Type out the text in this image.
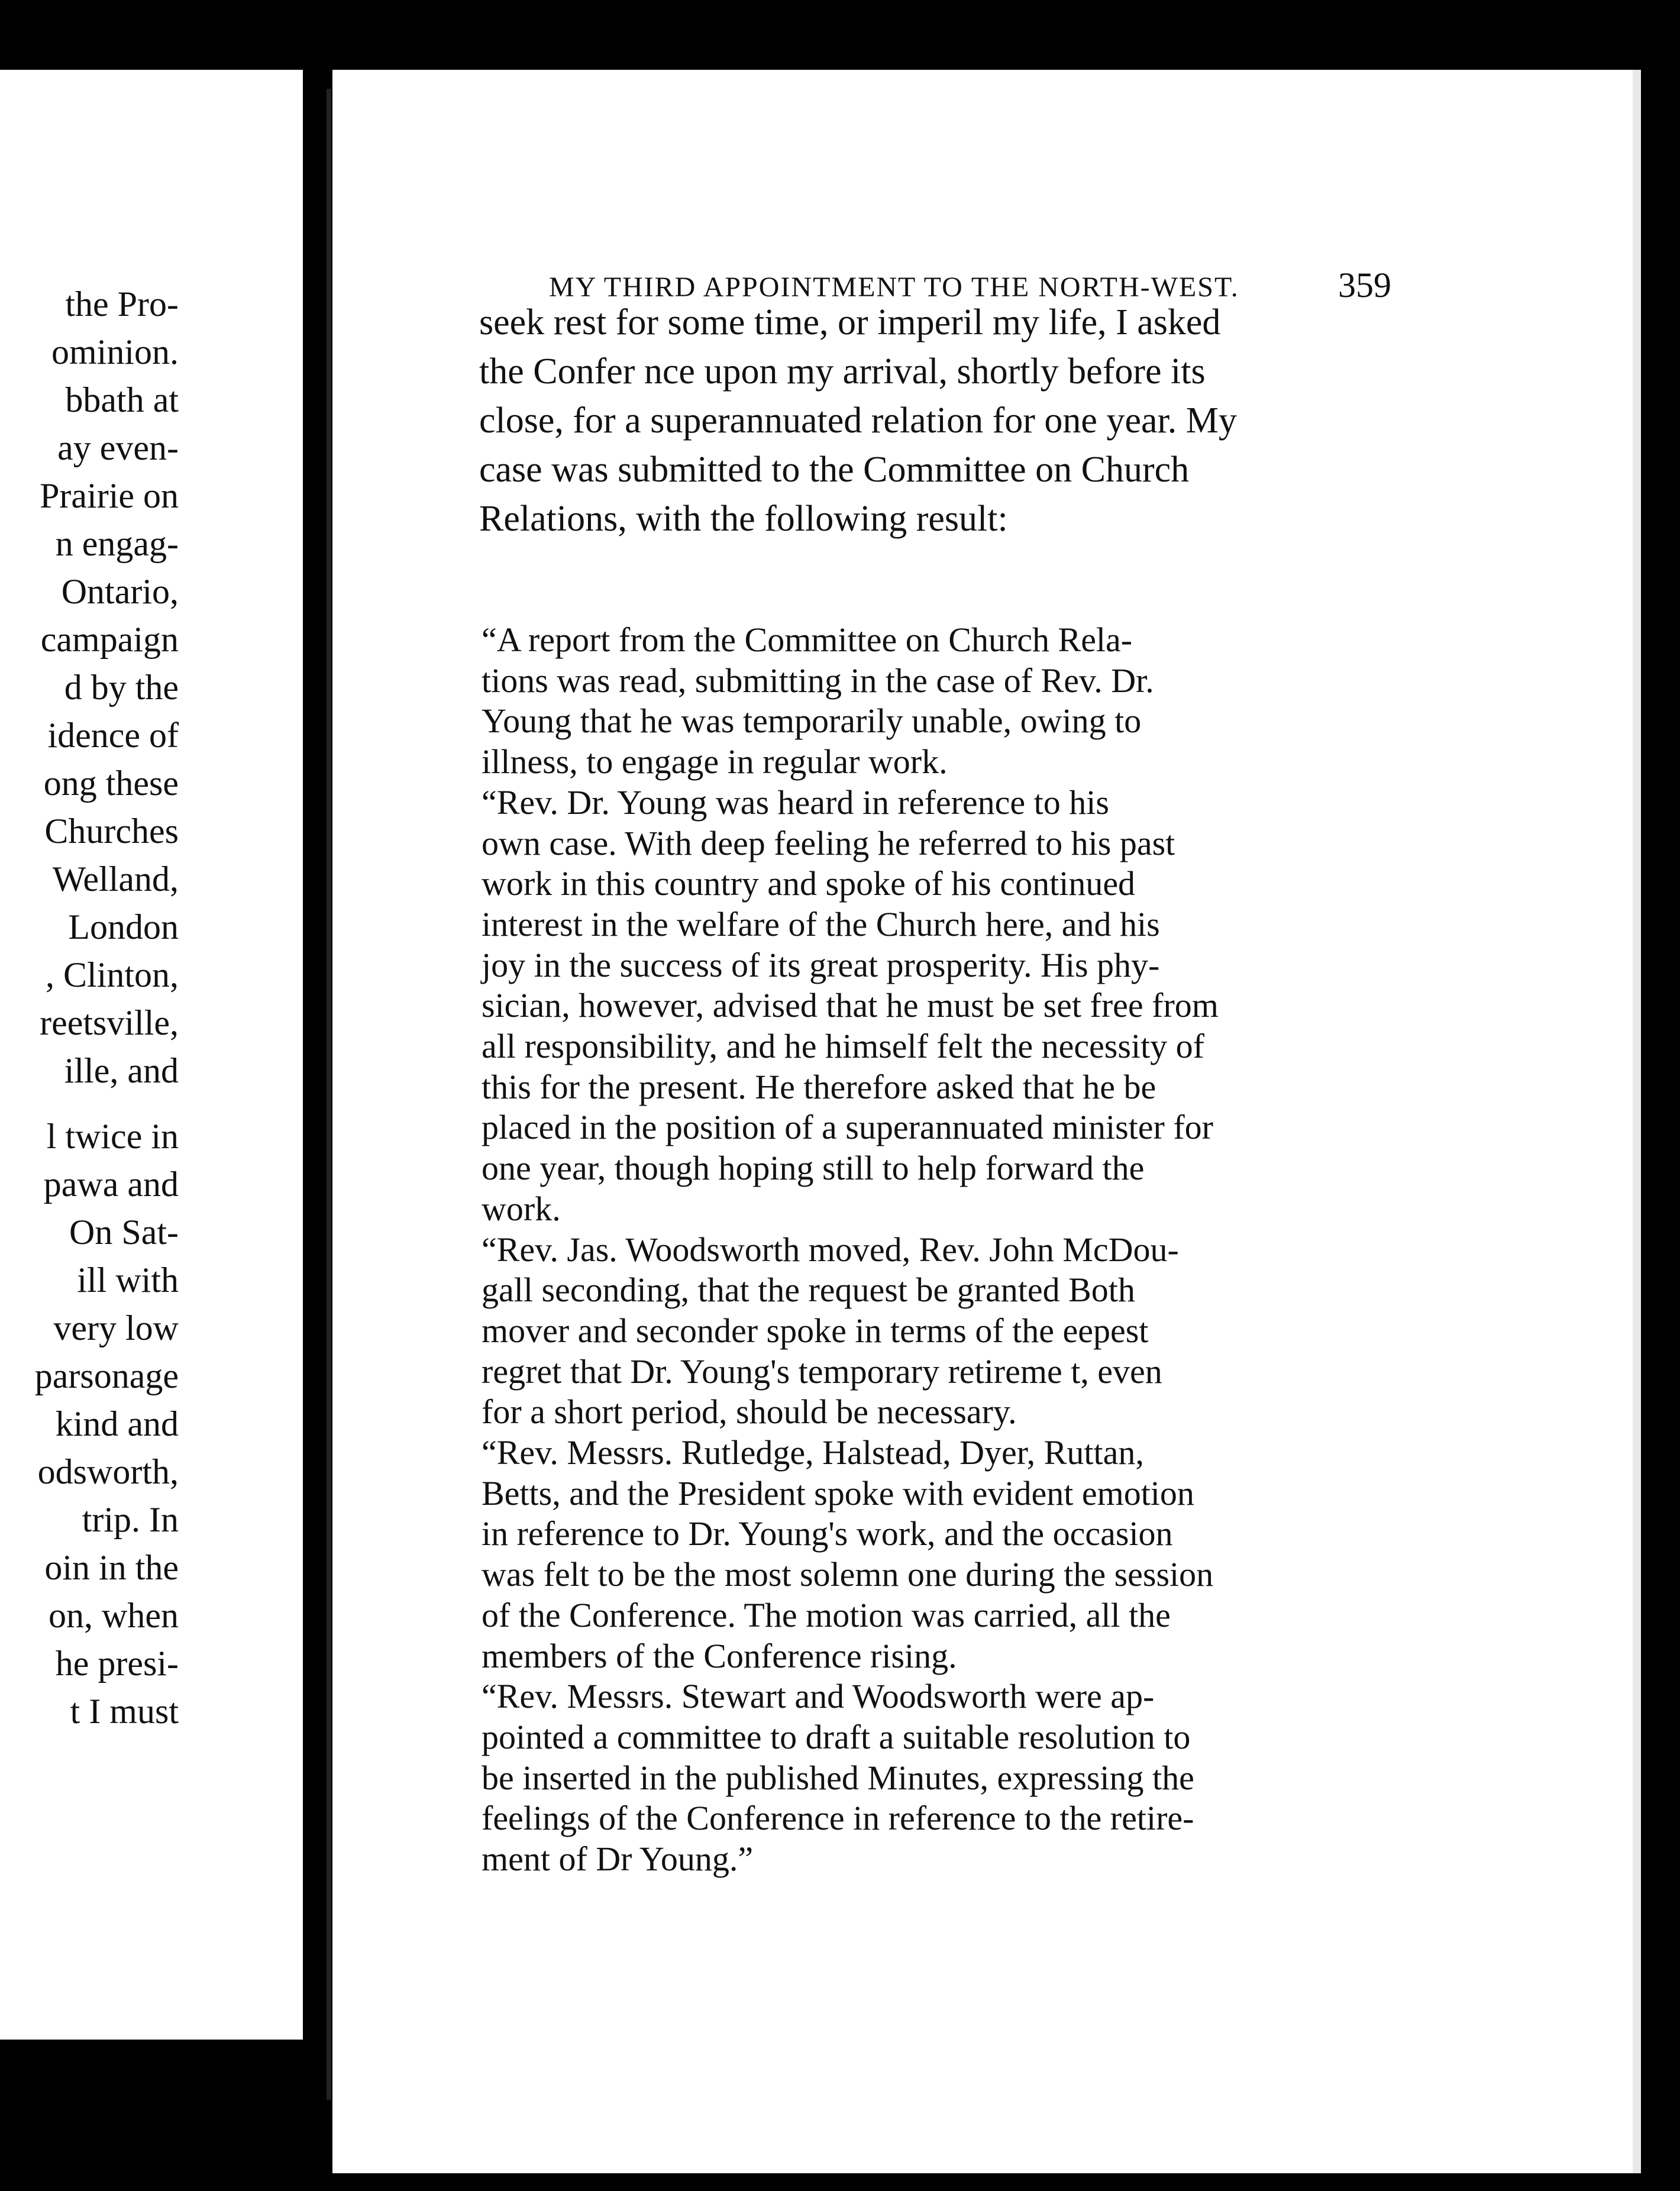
the Pro-
ominion.
bbath at
ay even-
Prairie on
n engag-
Ontario,
campaign
d by the
idence of
ong these
Churches
Welland,
London
, Clinton,
reetsville,
ille, and
l twice in
pawa and
On Sat-
ill with
very low
parsonage
kind and
odsworth,
trip. In
oin in the
on, when
he presi-
t I must
MY THIRD APPOINTMENT TO THE NORTH-WEST.	359
seek rest for some time, or imperil my life, I asked
the Confer nce upon my arrival, shortly before its
close, for a superannuated relation for one year. My
case was submitted to the Committee on Church
Relations, with the following result:
“A report from the Committee on Church Rela-
tions was read, submitting in the case of Rev. Dr.
Young that he was temporarily unable, owing to
illness, to engage in regular work.
“Rev. Dr. Young was heard in reference to his
own case. With deep feeling he referred to his past
work in this country and spoke of his continued
interest in the welfare of the Church here, and his
joy in the success of its great prosperity. His phy-
sician, however, advised that he must be set free from
all responsibility, and he himself felt the necessity of
this for the present. He therefore asked that he be
placed in the position of a superannuated minister for
one year, though hoping still to help forward the
work.
“Rev. Jas. Woodsworth moved, Rev. John McDou-
gall seconding, that the request be granted Both
mover and seconder spoke in terms of the eepest
regret that Dr. Young's temporary retireme t, even
for a short period, should be necessary.
“Rev. Messrs. Rutledge, Halstead, Dyer, Ruttan,
Betts, and the President spoke with evident emotion
in reference to Dr. Young's work, and the occasion
was felt to be the most solemn one during the session
of the Conference. The motion was carried, all the
members of the Conference rising.
“Rev. Messrs. Stewart and Woodsworth were ap-
pointed a committee to draft a suitable resolution to
be inserted in the published Minutes, expressing the
feelings of the Conference in reference to the retire-
ment of Dr Young.”
